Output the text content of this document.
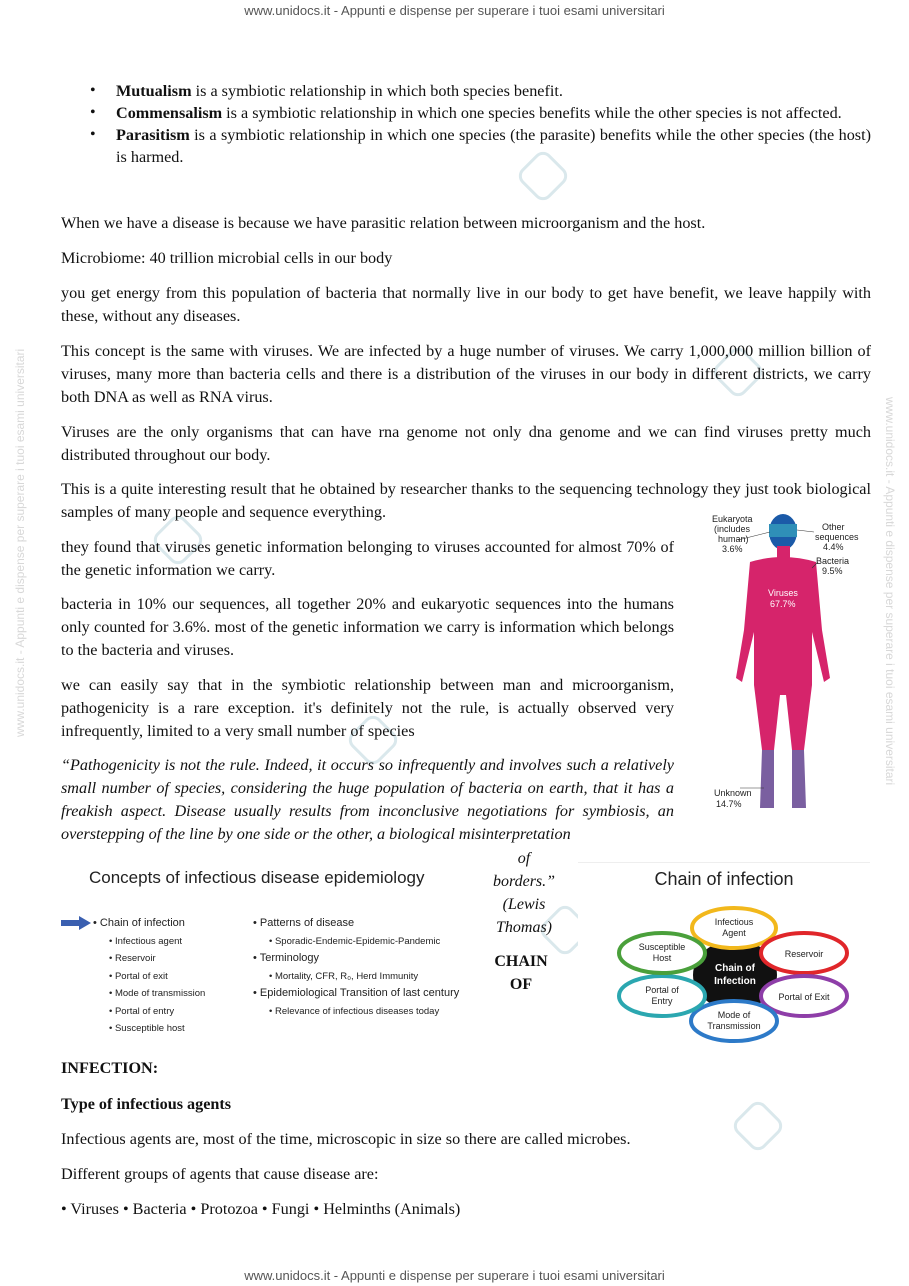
www.unidocs.it - Appunti e dispense per superare i tuoi esami universitari
www.unidocs.it - Appunti e dispense per superare i tuoi esami universitari
www.unidocs.it - Appunti e dispense per superare i tuoi esami universitari	www.unidocs.it - Appunti e dispense per superare i tuoi esami universitari
• Mutualism is a symbiotic relationship in which both species benefit.
• Commensalism is a symbiotic relationship in which one species benefits while the other species is not affected.
• Parasitism is a symbiotic relationship in which one species (the parasite) benefits while the other species (the host) is harmed.
When we have a disease is because we have parasitic relation between microorganism and the host.
Microbiome: 40 trillion microbial cells in our body
you get energy from this population of bacteria that normally live in our body to get have benefit, we leave happily with these, without any diseases.
This concept is the same with viruses. We are infected by a huge number of viruses. We carry 1,000,000 million billion of viruses, many more than bacteria cells and there is a distribution of the viruses in our body in different districts, we carry both DNA as well as RNA virus.
Viruses are the only organisms that can have rna genome not only dna genome and we can find viruses pretty much distributed throughout our body.
This is a quite interesting result that he obtained by researcher thanks to the sequencing technology they just took biological samples of many people and sequence everything.
they found that viruses genetic information belonging to viruses accounted for almost 70% of the genetic information we carry.
bacteria in 10% our sequences, all together 20% and eukaryotic sequences into the humans only counted for 3.6%. most of the genetic information we carry is information which belongs to the bacteria and viruses.
we can easily say that in the symbiotic relationship between man and microorganism, pathogenicity is a rare exception. it's definitely not the rule, is actually observed very infrequently, limited to a very small number of species
“Pathogenicity is not the rule. Indeed, it occurs so infrequently and involves such a relatively small number of species, considering the huge population of bacteria on earth, that it has a freakish aspect. Disease usually results from inconclusive negotiations for symbiosis, an overstepping of the line by one side or the other, a biological misinterpretation
of
borders.”
(Lewis
Thomas)
CHAIN
OF
Eukaryota
(includes
human)
3.6%
Other
sequences
4.4%
Bacteria
9.5%
Unknown
14.7%
Viruses
67.7%
Concepts of infectious disease epidemiology
• Chain of infection
• Infectious agent
• Reservoir
• Portal of exit
• Mode of transmission
• Portal of entry
• Susceptible host
• Patterns of disease
• Sporadic-Endemic-Epidemic-Pandemic
• Terminology
• Mortality, CFR, R₀, Herd Immunity
• Epidemiological Transition of last century
• Relevance of infectious diseases today
Chain of infection
Chain of
Infection
Infectious
Agent
Reservoir
Portal of Exit
Mode of
Transmission
Portal of
Entry
Susceptible
Host
INFECTION:
Type of infectious agents
Infectious agents are, most of the time, microscopic in size so there are called microbes.
Different groups of agents that cause disease are:
• Viruses • Bacteria • Protozoa • Fungi • Helminths (Animals)
